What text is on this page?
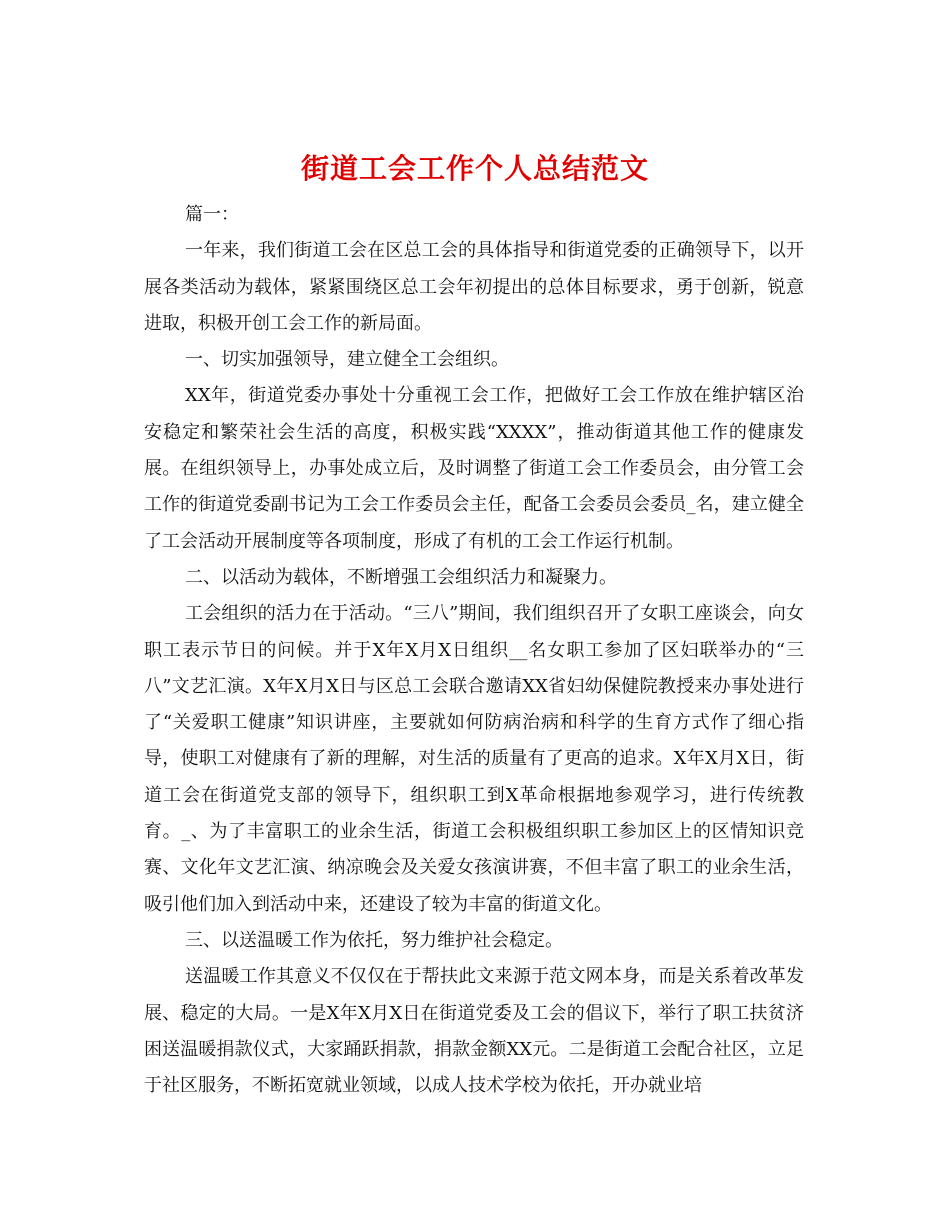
街道工会工作个人总结范文

篇一：

一年来，我们街道工会在区总工会的具体指导和街道党委的正确领导下，以开展各类活动为载体，紧紧围绕区总工会年初提出的总体目标要求，勇于创新，锐意进取，积极开创工会工作的新局面。

一、切实加强领导，建立健全工会组织。

XX年，街道党委办事处十分重视工会工作，把做好工会工作放在维护辖区治安稳定和繁荣社会生活的高度，积极实践“XXXX”，推动街道其他工作的健康发展。在组织领导上，办事处成立后，及时调整了街道工会工作委员会，由分管工会工作的街道党委副书记为工会工作委员会主任，配备工会委员会委员_名，建立健全了工会活动开展制度等各项制度，形成了有机的工会工作运行机制。

二、以活动为载体，不断增强工会组织活力和凝聚力。

工会组织的活力在于活动。“三八”期间，我们组织召开了女职工座谈会，向女职工表示节日的问候。并于X年X月X日组织__名女职工参加了区妇联举办的“三八”文艺汇演。X年X月X日与区总工会联合邀请XX省妇幼保健院教授来办事处进行了“关爱职工健康”知识讲座，主要就如何防病治病和科学的生育方式作了细心指导，使职工对健康有了新的理解，对生活的质量有了更高的追求。X年X月X日，街道工会在街道党支部的领导下，组织职工到X革命根据地参观学习，进行传统教育。_、为了丰富职工的业余生活，街道工会积极组织职工参加区上的区情知识竞赛、文化年文艺汇演、纳凉晚会及关爱女孩演讲赛，不但丰富了职工的业余生活，吸引他们加入到活动中来，还建设了较为丰富的街道文化。

三、以送温暖工作为依托，努力维护社会稳定。

送温暖工作其意义不仅仅在于帮扶此文来源于范文网本身，而是关系着改革发展、稳定的大局。一是X年X月X日在街道党委及工会的倡议下，举行了职工扶贫济困送温暖捐款仪式，大家踊跃捐款，捐款金额XX元。二是街道工会配合社区，立足于社区服务，不断拓宽就业领域，以成人技术学校为依托，开办就业培
